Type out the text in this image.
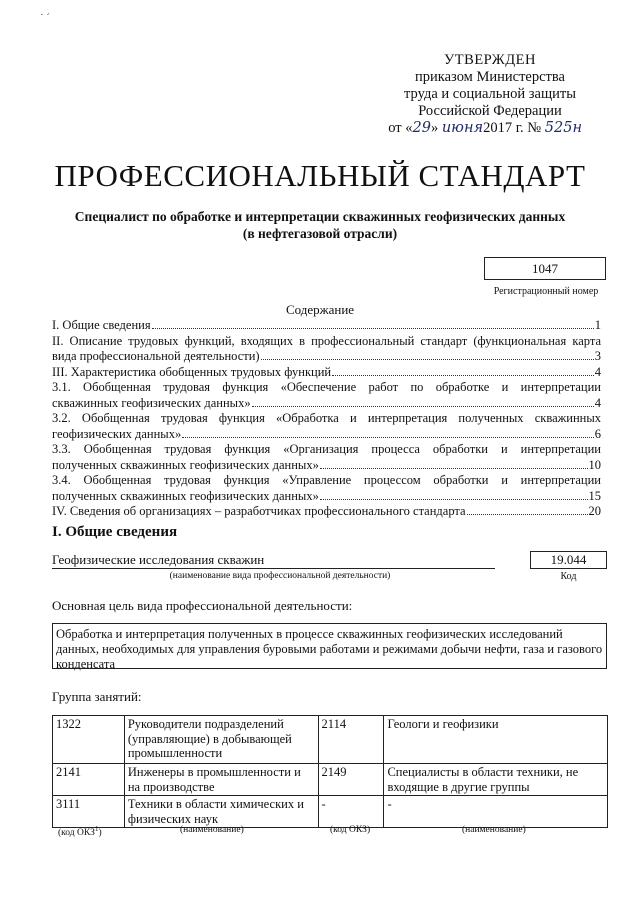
˙ ˊ
УТВЕРЖДЕН
приказом Министерства
труда и социальной защиты
Российской Федерации
от «29» июня2017 г. № 525н
ПРОФЕССИОНАЛЬНЫЙ СТАНДАРТ
Специалист по обработке и интерпретации скважинных геофизических данных
(в нефтегазовой отрасли)
1047
Регистрационный номер
Содержание
I. Общие сведения	1
II. Описание трудовых функций, входящих в профессиональный стандарт (функциональная карта
вида профессиональной деятельности)	3
III. Характеристика обобщенных трудовых функций	4
3.1. Обобщенная трудовая функция «Обеспечение работ по обработке и интерпретации
скважинных геофизических данных»	4
3.2. Обобщенная трудовая функция «Обработка и интерпретация полученных скважинных
геофизических данных»	6
3.3. Обобщенная трудовая функция «Организация процесса обработки и интерпретации
полученных скважинных геофизических данных»	10
3.4. Обобщенная трудовая функция «Управление процессом обработки и интерпретации
полученных скважинных геофизических данных»	15
IV. Сведения об организациях – разработчиках профессионального стандарта	20
I. Общие сведения
Геофизические исследования скважин	19.044
(наименование вида профессиональной деятельности)	Код
Основная цель вида профессиональной деятельности:
Обработка и интерпретация полученных в процессе скважинных геофизических исследований данных, необходимых для управления буровыми работами и режимами добычи нефти, газа и газового конденсата
Группа занятий:
1322	Руководители подразделений (управляющие) в добывающей промышленности	2114	Геологи и геофизики
2141	Инженеры в промышленности и на производстве	2149	Специалисты в области техники, не входящие в другие группы
3111	Техники в области химических и физических наук	-	-
(код ОКЗ$^1$)	(наименование)	(код ОКЗ)	(наименование)
